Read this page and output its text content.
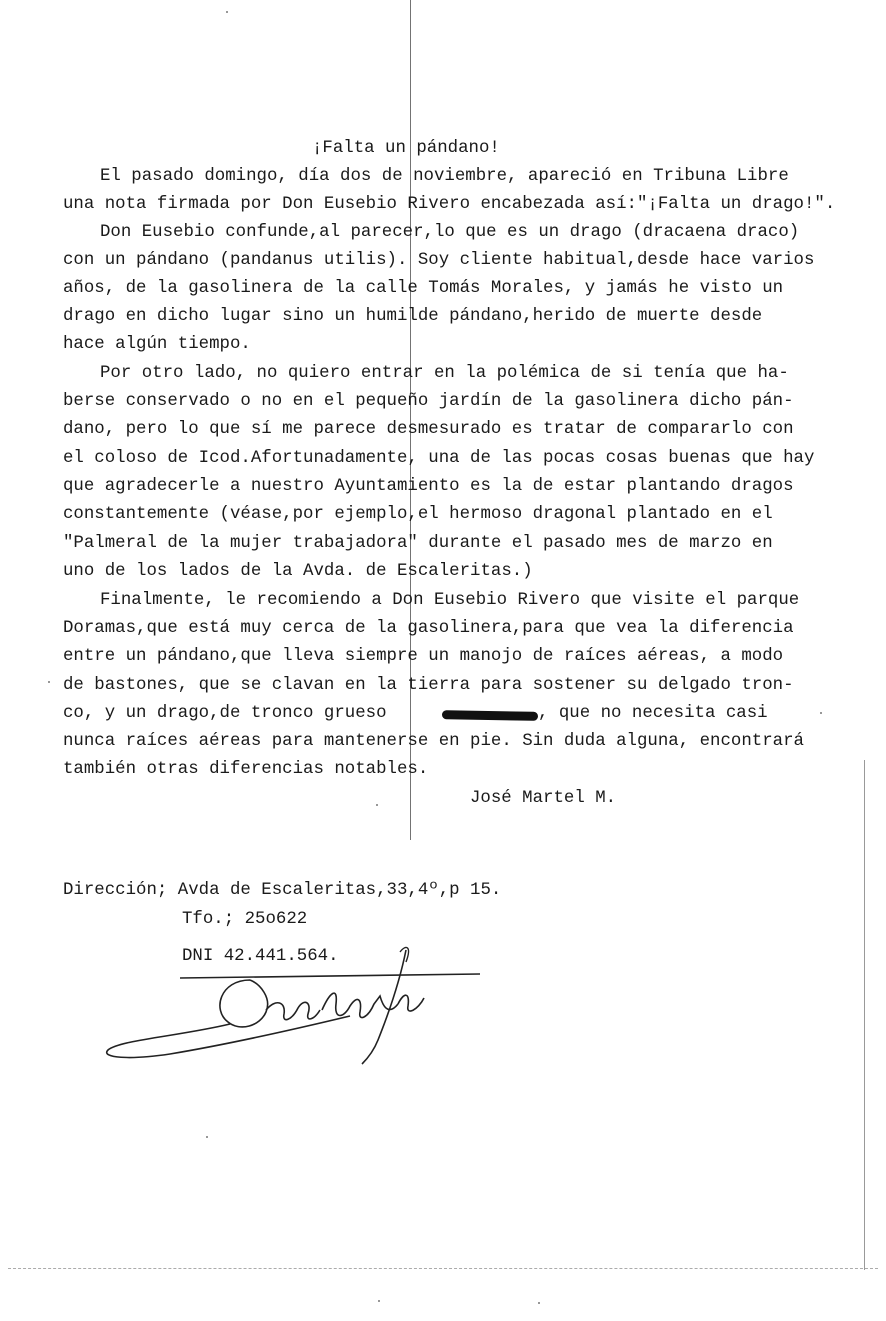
¡Falta un pándano!
El pasado domingo, día dos de noviembre, apareció en Tribuna Libre
una nota firmada por Don Eusebio Rivero encabezada así:"¡Falta un drago!".
Don Eusebio confunde,al parecer,lo que es un drago (dracaena draco)
con un pándano (pandanus utilis). Soy cliente habitual,desde hace varios
años, de la gasolinera de la calle Tomás Morales, y jamás he visto un
drago en dicho lugar sino un humilde pándano,herido de muerte desde
hace algún tiempo.
Por otro lado, no quiero entrar en la polémica de si tenía que ha-
berse conservado o no en el pequeño jardín de la gasolinera dicho pán-
dano, pero lo que sí me parece desmesurado es tratar de compararlo con
el coloso de Icod.Afortunadamente, una de las pocas cosas buenas que hay
que agradecerle a nuestro Ayuntamiento es la de estar plantando dragos
constantemente (véase,por ejemplo,el hermoso dragonal plantado en el
"Palmeral de la mujer trabajadora" durante el pasado mes de marzo en
uno de los lados de la Avda. de Escaleritas.)
Finalmente, le recomiendo a Don Eusebio Rivero que visite el parque
Doramas,que está muy cerca de la gasolinera,para que vea la diferencia
entre un pándano,que lleva siempre un manojo de raíces aéreas, a modo
de bastones, que se clavan en la tierra para sostener su delgado tron-
co, y un drago,de tronco grueso	, que no necesita casi
nunca raíces aéreas para mantenerse en pie. Sin duda alguna, encontrará
también otras diferencias notables.
José Martel M.
Dirección; Avda de Escaleritas,33,4º,p 15.
Tfo.; 25o622
DNI 42.441.564.
